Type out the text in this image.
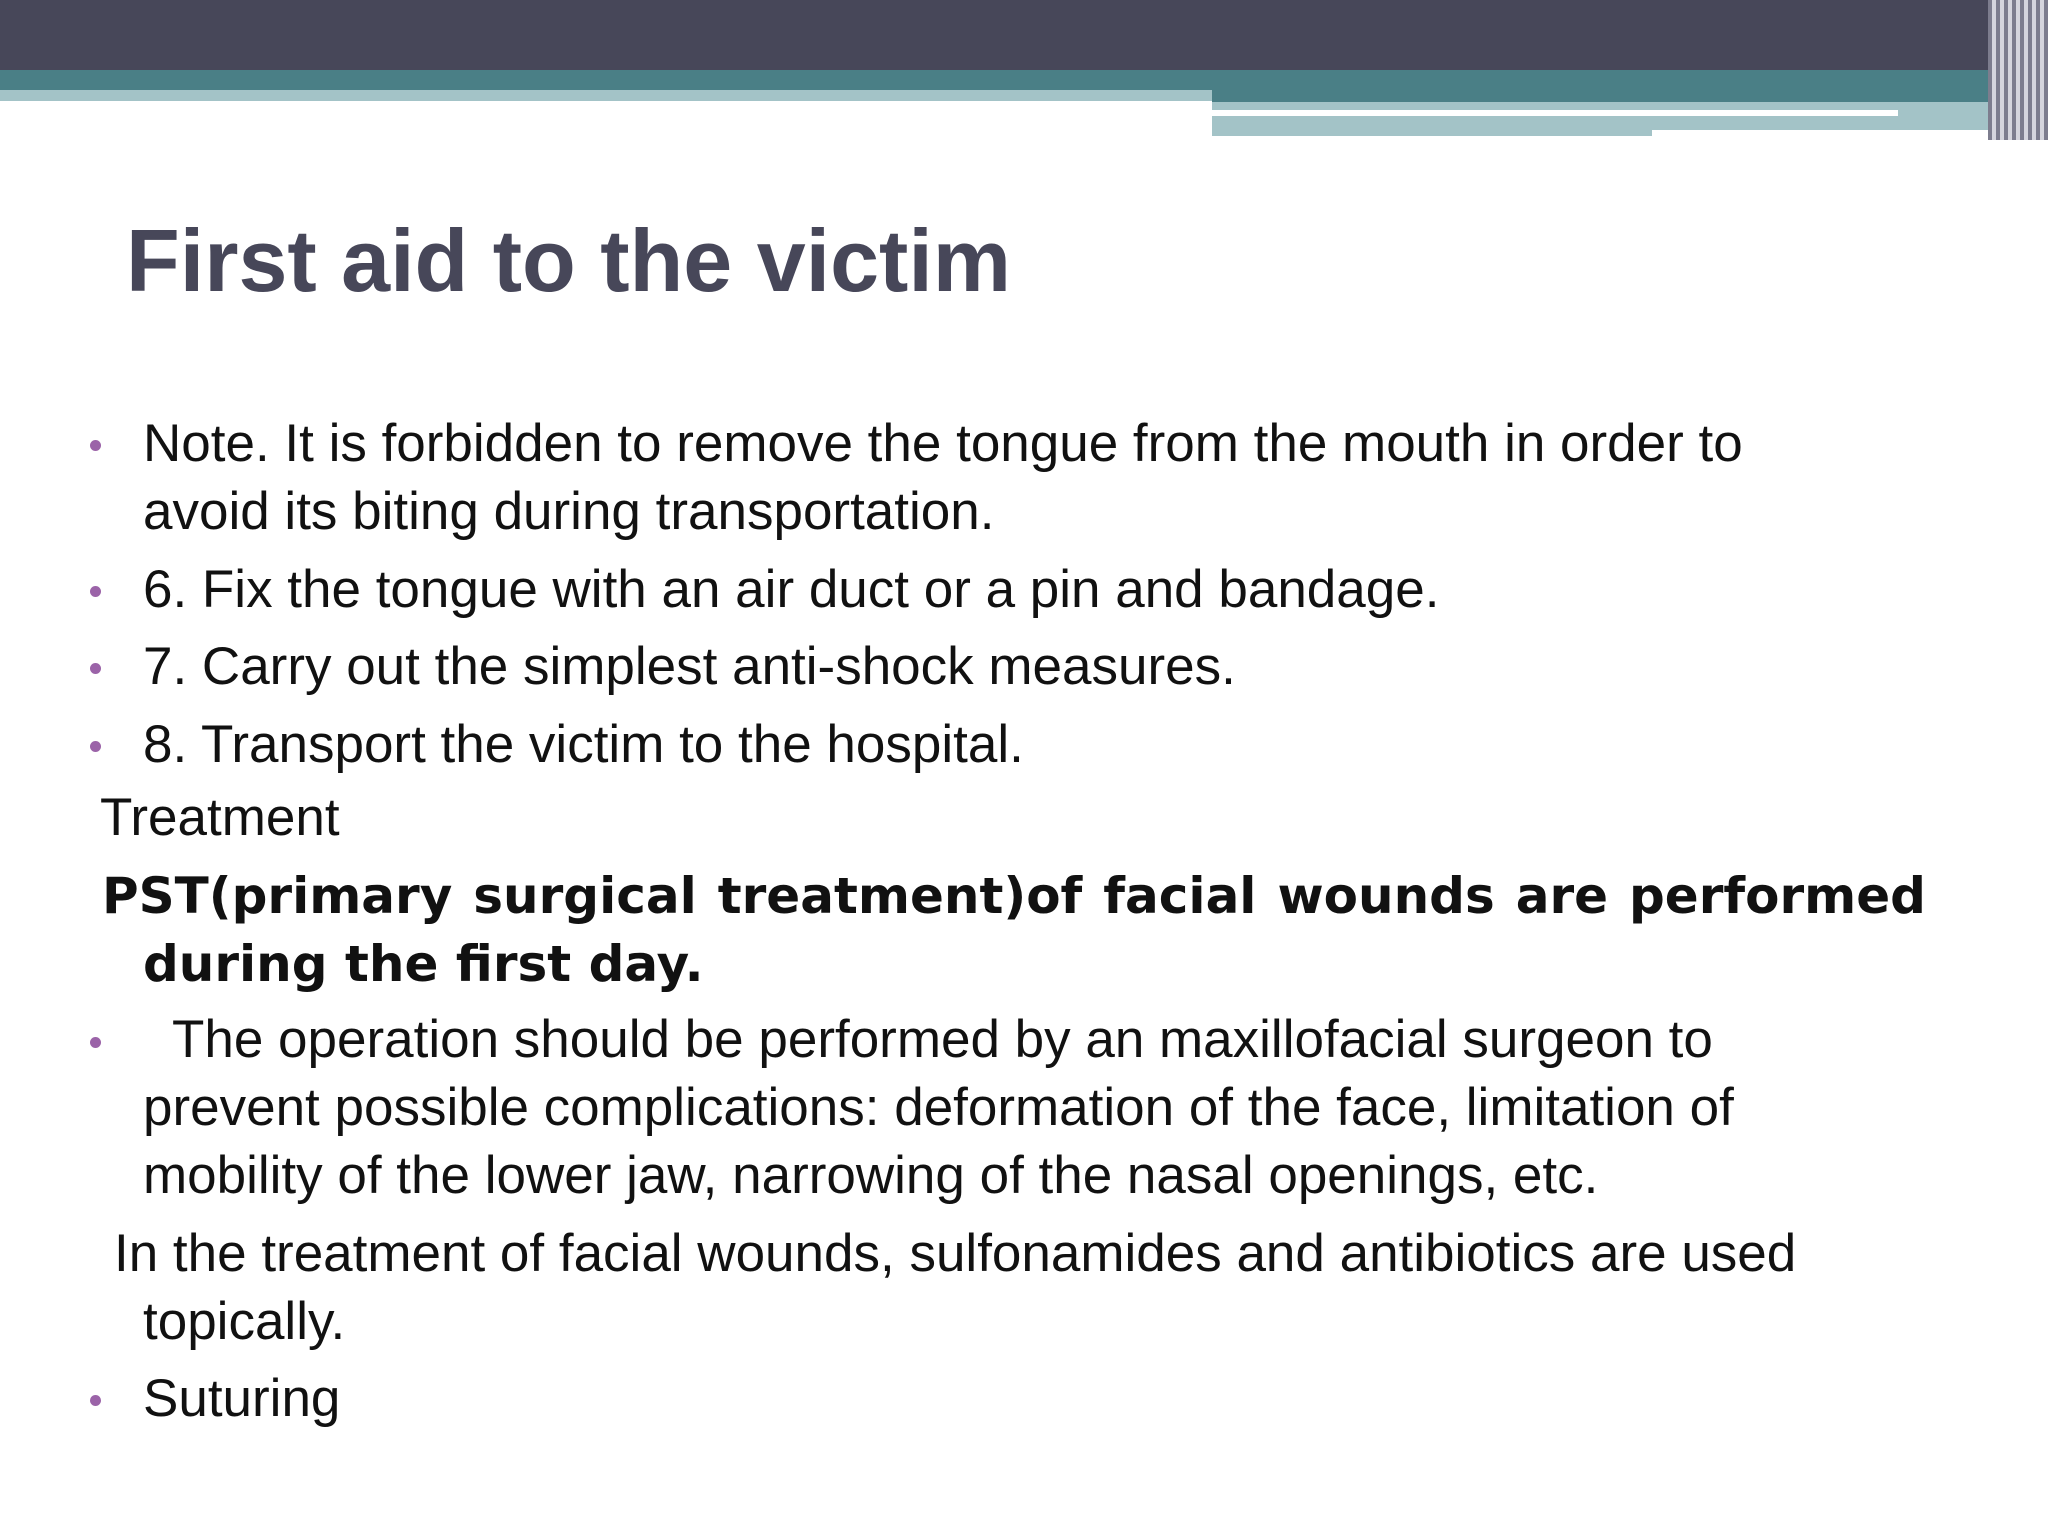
First aid to the victim

Note. It is forbidden to remove the tongue from the mouth in order to

avoid its biting during transportation.

6. Fix the tongue with an air duct or a pin and bandage.

7. Carry out the simplest anti-shock measures.

8. Transport the victim to the hospital.

Treatment

PST(primary surgical treatment)of facial wounds are performed

during the first day.

The operation should be performed by an maxillofacial surgeon to

prevent possible complications: deformation of the face, limitation of

mobility of the lower jaw, narrowing of the nasal openings, etc.

In the treatment of facial wounds, sulfonamides and antibiotics are used

topically.

Suturing
